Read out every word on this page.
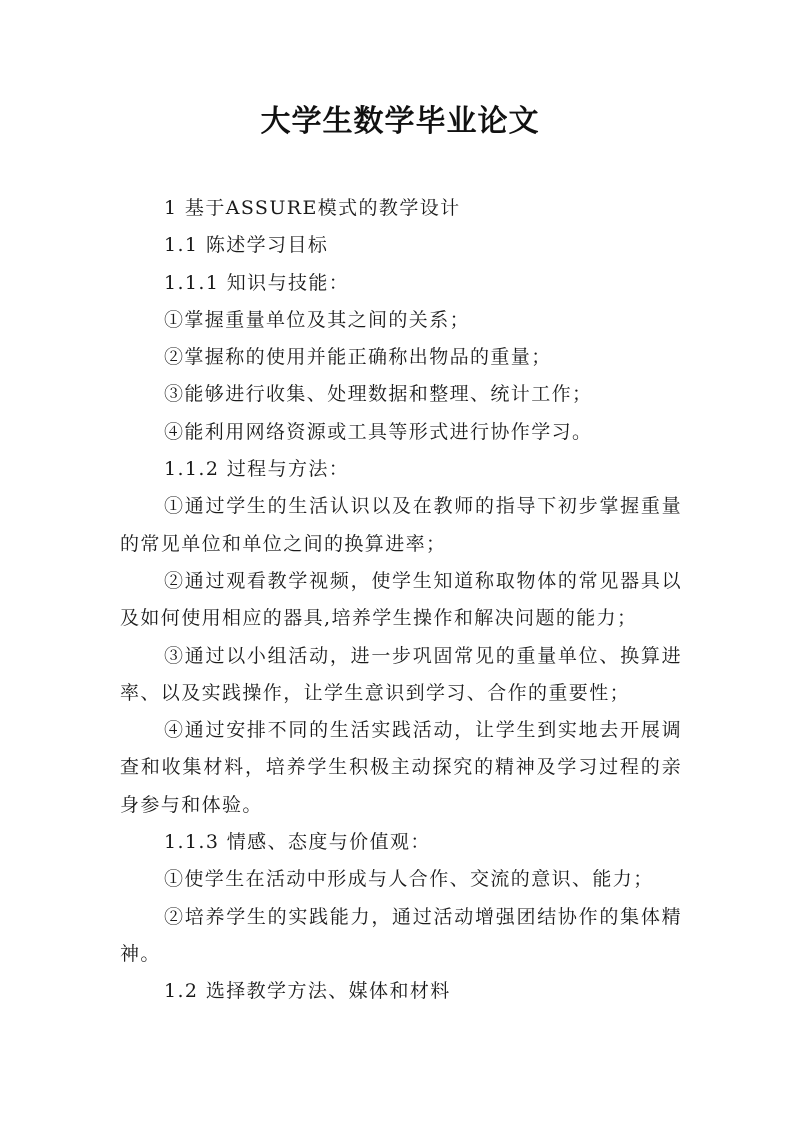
大学生数学毕业论文

1 基于ASSURE模式的教学设计

1.1 陈述学习目标

1.1.1 知识与技能：

①掌握重量单位及其之间的关系；

②掌握称的使用并能正确称出物品的重量；

③能够进行收集、处理数据和整理、统计工作；

④能利用网络资源或工具等形式进行协作学习。

1.1.2 过程与方法：

①通过学生的生活认识以及在教师的指导下初步掌握重量的常见单位和单位之间的换算进率；

②通过观看教学视频，使学生知道称取物体的常见器具以及如何使用相应的器具,培养学生操作和解决问题的能力；

③通过以小组活动，进一步巩固常见的重量单位、换算进率、以及实践操作，让学生意识到学习、合作的重要性；

④通过安排不同的生活实践活动，让学生到实地去开展调查和收集材料，培养学生积极主动探究的精神及学习过程的亲身参与和体验。

1.1.3 情感、态度与价值观：

①使学生在活动中形成与人合作、交流的意识、能力；

②培养学生的实践能力，通过活动增强团结协作的集体精神。

1.2 选择教学方法、媒体和材料
